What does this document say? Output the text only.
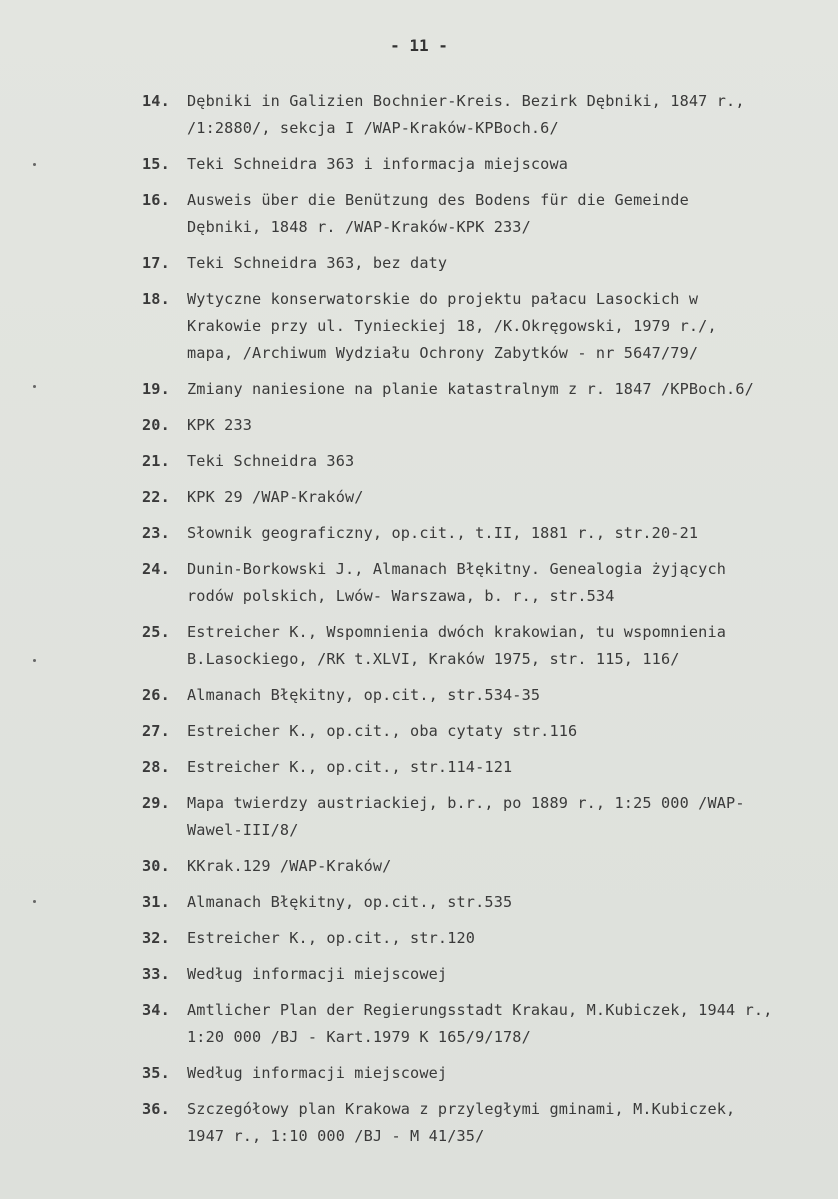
- 11 -
14.	Dębniki in Galizien Bochnier-Kreis. Bezirk Dębniki, 1847 r.,
/1:2880/, sekcja I /WAP-Kraków-KPBoch.6/
15.	Teki Schneidra 363 i informacja miejscowa
16.	Ausweis über die Benützung des Bodens für die Gemeinde
Dębniki, 1848 r. /WAP-Kraków-KPK 233/
17.	Teki Schneidra 363, bez daty
18.	Wytyczne konserwatorskie do projektu pałacu Lasockich w
Krakowie przy ul. Tynieckiej 18, /K.Okręgowski, 1979 r./,
mapa, /Archiwum Wydziału Ochrony Zabytków - nr 5647/79/
19.	Zmiany naniesione na planie katastralnym z r. 1847 /KPBoch.6/
20.	KPK 233
21.	Teki Schneidra 363
22.	KPK 29 /WAP-Kraków/
23.	Słownik geograficzny, op.cit., t.II, 1881 r., str.20-21
24.	Dunin-Borkowski J., Almanach Błękitny. Genealogia żyjących
rodów polskich, Lwów- Warszawa, b. r., str.534
25.	Estreicher K., Wspomnienia dwóch krakowian, tu wspomnienia
B.Lasockiego, /RK t.XLVI, Kraków 1975, str. 115, 116/
26.	Almanach Błękitny, op.cit., str.534-35
27.	Estreicher K., op.cit., oba cytaty str.116
28.	Estreicher K., op.cit., str.114-121
29.	Mapa twierdzy austriackiej, b.r., po 1889 r., 1:25 000 /WAP-
Wawel-III/8/
30.	KKrak.129 /WAP-Kraków/
31.	Almanach Błękitny, op.cit., str.535
32.	Estreicher K., op.cit., str.120
33.	Według informacji miejscowej
34.	Amtlicher Plan der Regierungsstadt Krakau, M.Kubiczek, 1944 r.,
1:20 000 /BJ - Kart.1979 K 165/9/178/
35.	Według informacji miejscowej
36.	Szczegółowy plan Krakowa z przyległymi gminami, M.Kubiczek,
1947 r., 1:10 000 /BJ - M 41/35/
